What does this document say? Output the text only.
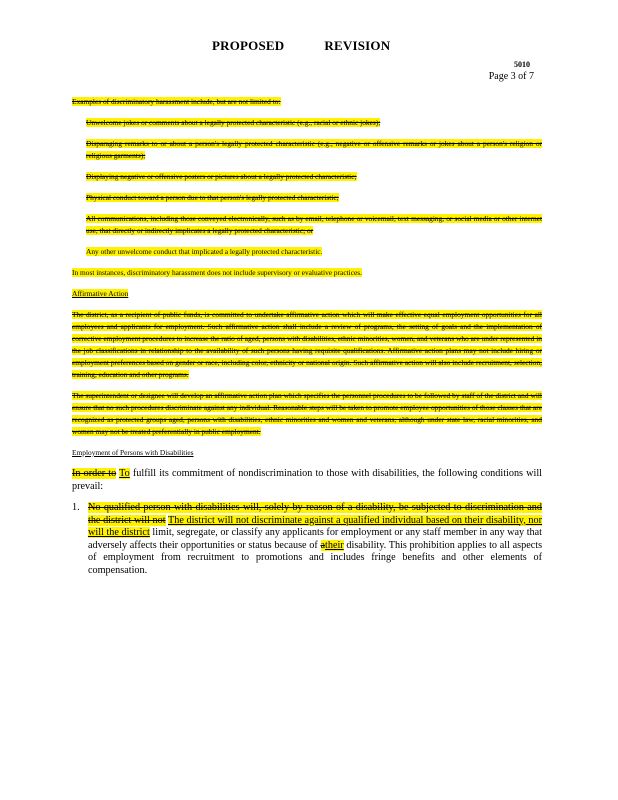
PROPOSED	REVISION
5010
Page 3 of 7

Examples of discriminatory harassment include, but are not limited to:

Unwelcome jokes or comments about a legally protected characteristic (e.g., racial or ethnic jokes);

Disparaging remarks to or about a person's legally protected characteristic (e.g., negative or offensive remarks or jokes about a person's religion or religious garments);

Displaying negative or offensive posters or pictures about a legally protected characteristic;

Physical conduct toward a person due to that person's legally protected characteristic;

All communications, including those conveyed electronically, such as by email, telephone or voicemail, text messaging, or social media or other internet use, that directly or indirectly implicates a legally protected characteristic; or

Any other unwelcome conduct that implicated a legally protected characteristic.

In most instances, discriminatory harassment does not include supervisory or evaluative practices.

Affirmative Action

The district, as a recipient of public funds, is committed to undertake affirmative action which will make effective equal employment opportunities for all employees and applicants for employment. Such affirmative action shall include a review of programs, the setting of goals and the implementation of corrective employment procedures to increase the ratio of aged, persons with disabilities, ethnic minorities, women, and veterans who are under represented in the job classifications in relationship to the availability of such persons having requisite qualifications. Affirmative action plans may not include hiring or employment preferences based on gender or race, including color, ethnicity or national origin. Such affirmative action will also include recruitment, selection, training, education and other programs.

The superintendent or designee will develop an affirmative action plan which specifies the personnel procedures to be followed by staff of the district and will ensure that no such procedures discriminate against any individual. Reasonable steps will be taken to promote employee opportunities of those classes that are recognized as protected groups aged, persons with disabilities, ethnic minorities and women and veterans, although under state law, racial minorities, and women may not be treated preferentially in public employment.

Employment of Persons with Disabilities

In order to To fulfill its commitment of nondiscrimination to those with disabilities, the following conditions will prevail:

1. No qualified person with disabilities will, solely by reason of a disability, be subjected to discrimination and the district will not The district will not discriminate against a qualified individual based on their disability, nor will the district limit, segregate, or classify any applicants for employment or any staff member in any way that adversely affects their opportunities or status because of atheir disability. This prohibition applies to all aspects of employment from recruitment to promotions and includes fringe benefits and other elements of compensation.
